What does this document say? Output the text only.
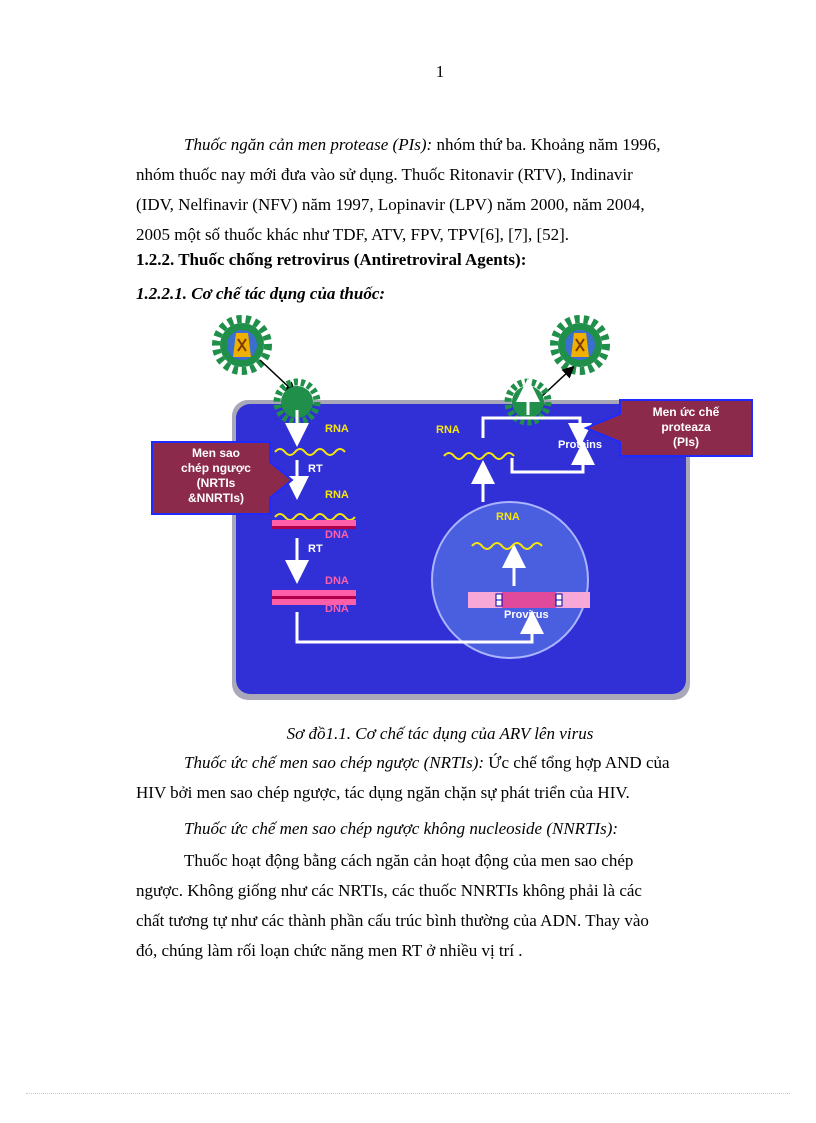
1
Thuốc ngăn cản men protease (PIs): nhóm thứ ba. Khoảng năm 1996,
nhóm thuốc nay mới đưa vào sử dụng. Thuốc Ritonavir (RTV), Indinavir
(IDV, Nelfinavir (NFV) năm 1997, Lopinavir (LPV) năm 2000, năm 2004,
2005 một số thuốc khác như TDF, ATV, FPV, TPV[6], [7], [52].
1.2.2. Thuốc chống retrovirus (Antiretroviral Agents):
1.2.2.1. Cơ chế tác dụng của thuốc:
RNA
RT
RNA
DNA
RT
DNA
DNA	Provirus
RNA
RNA
Proteins
Men sao
chép ngược
(NRTIs
&NNRTIs)
Men ức chế
proteaza
(PIs)
Sơ đồ1.1. Cơ chế tác dụng của ARV lên virus
Thuốc ức chế men sao chép ngược (NRTIs): Ức chế tổng hợp AND của
HIV bởi men sao chép ngược, tác dụng ngăn chặn sự phát triển của HIV.
Thuốc ức chế men sao chép ngược không nucleoside (NNRTIs):
Thuốc hoạt động bằng cách ngăn cản hoạt động của men sao chép
ngược. Không giống như các NRTIs, các thuốc NNRTIs không phải là các
chất tương tự như các thành phần cấu trúc bình thường của ADN. Thay vào
đó, chúng làm rối loạn chức năng men RT ở nhiều vị trí .
